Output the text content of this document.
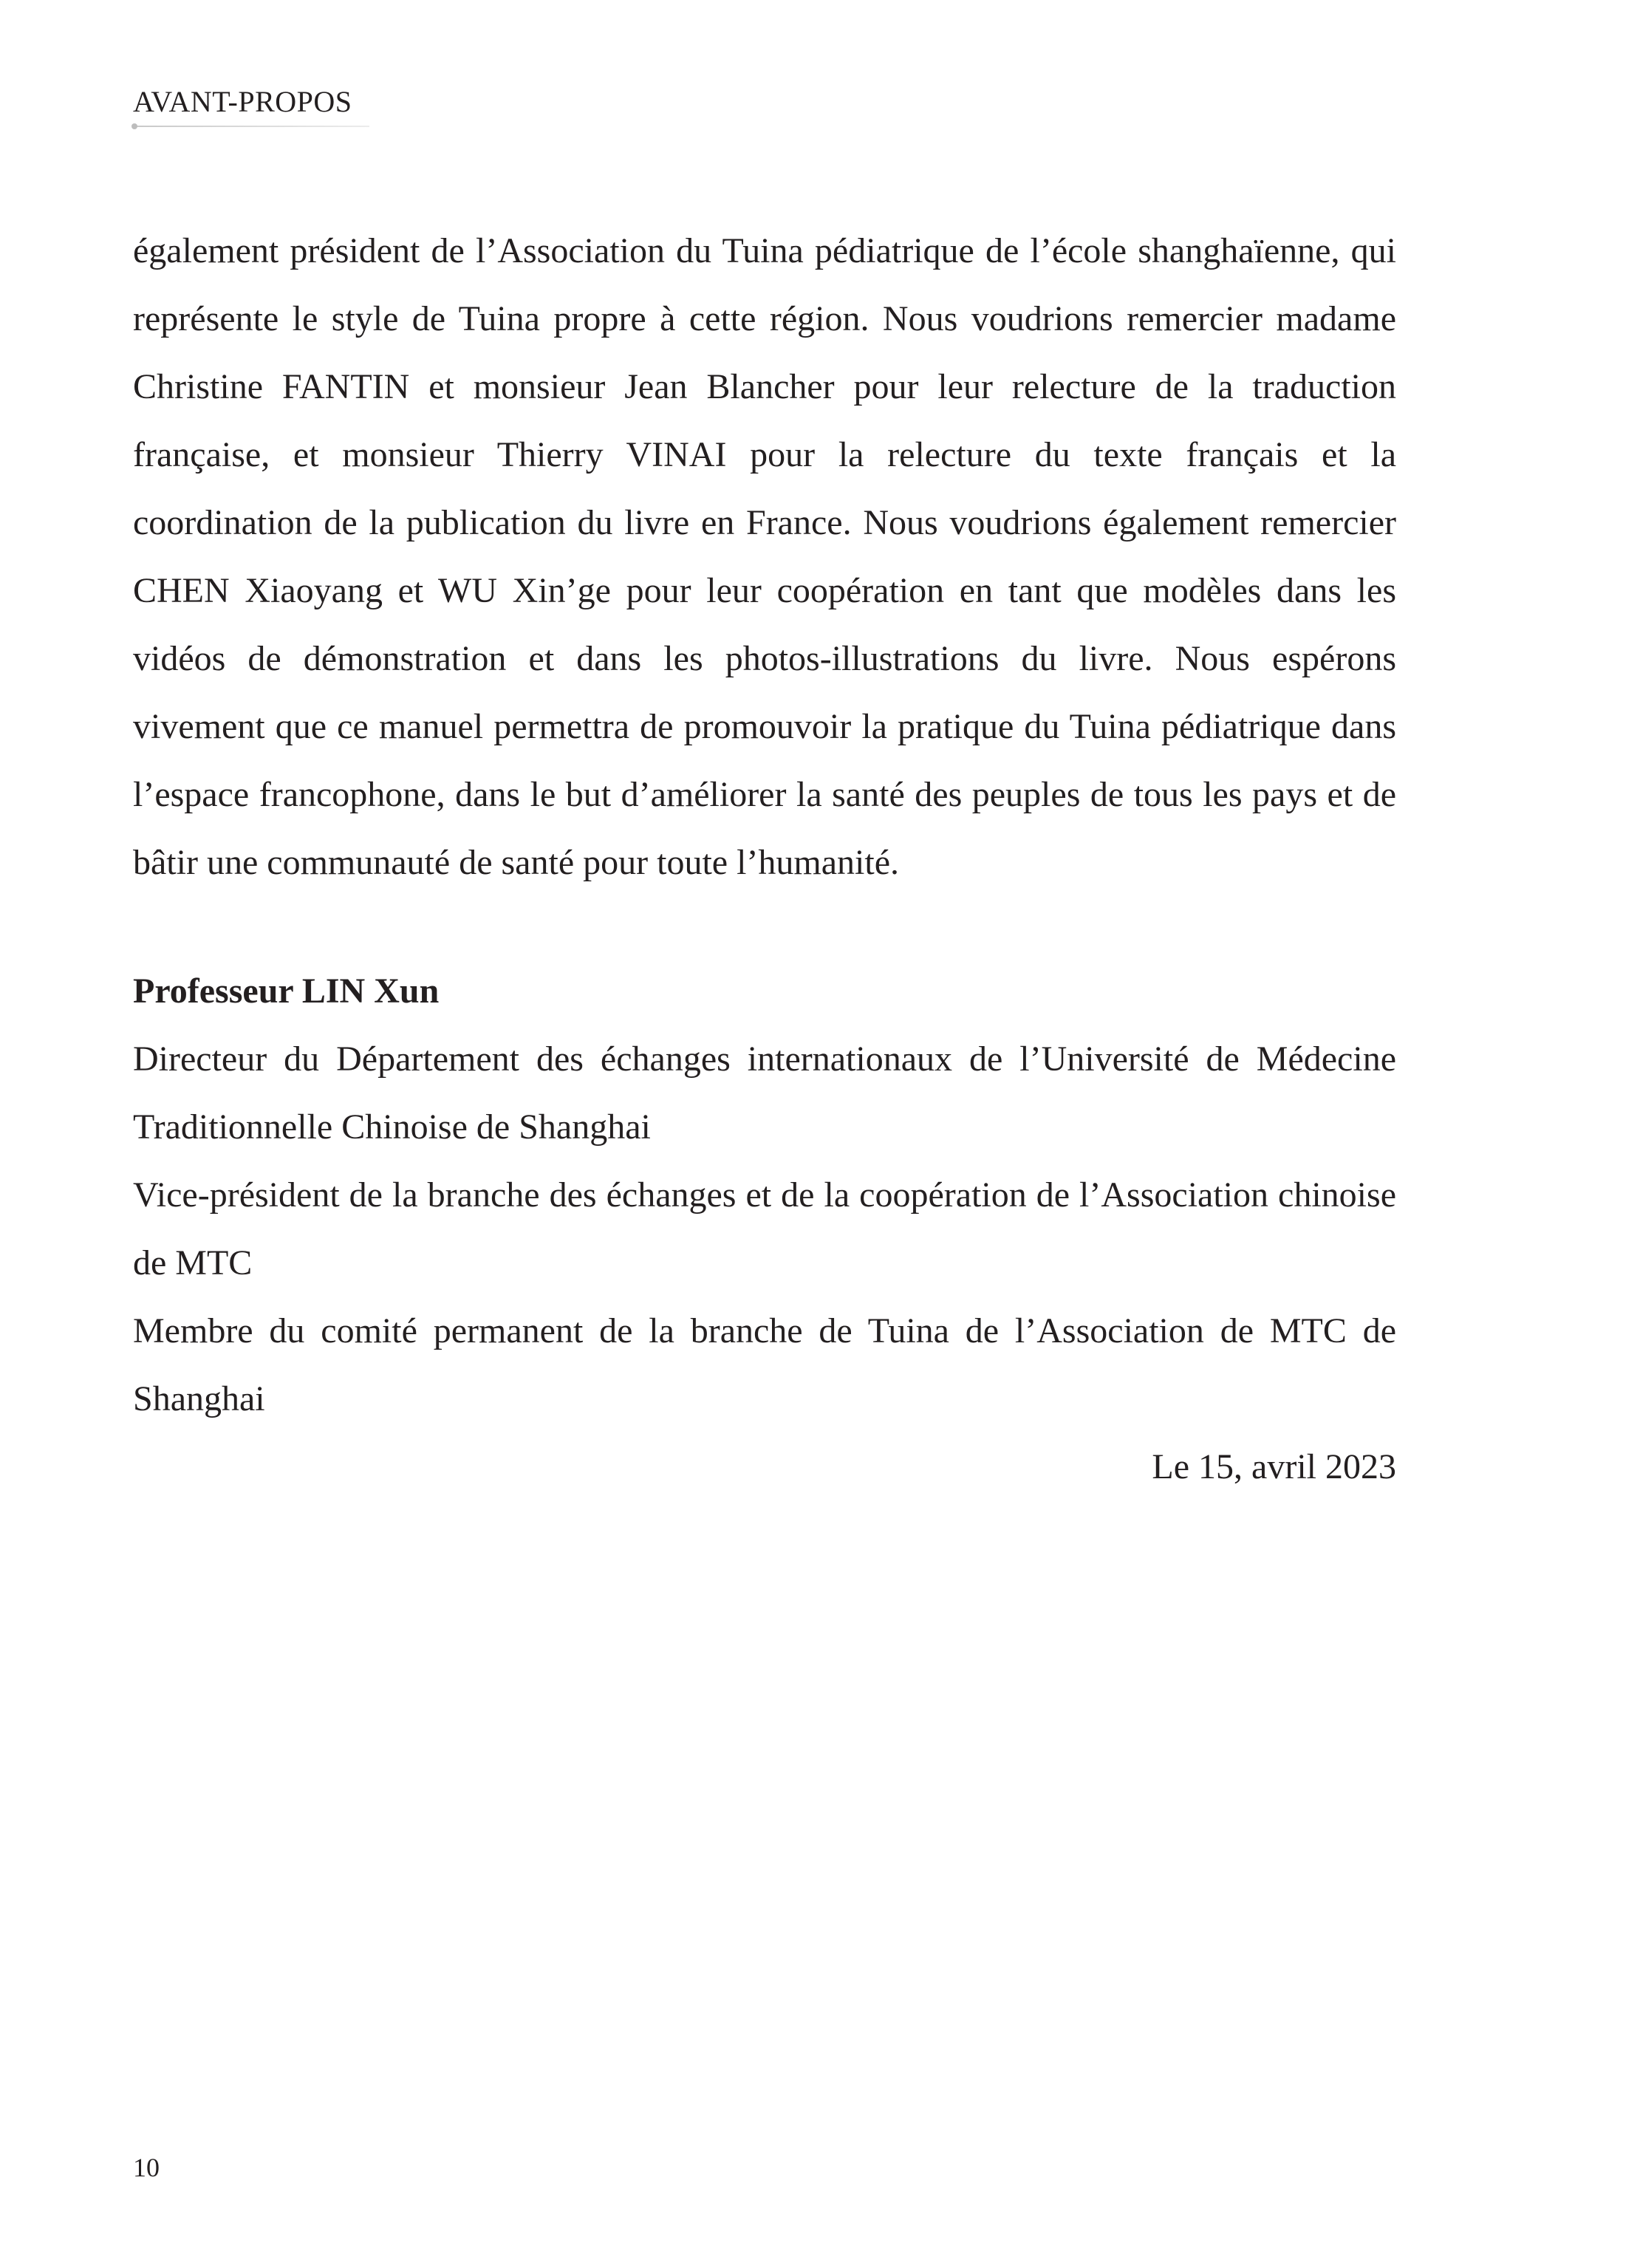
AVANT-PROPOS

également président de l’Association du Tuina pédiatrique de l’école shanghaïenne, qui représente le style de Tuina propre à cette région. Nous voudrions remercier madame Christine FANTIN et monsieur Jean Blancher pour leur relecture de la traduction française, et monsieur Thierry VINAI pour la relecture du texte français et la coordination de la publication du livre en France. Nous voudrions également remercier CHEN Xiaoyang et WU Xin’ge pour leur coopération en tant que modèles dans les vidéos de démonstration et dans les photos-illustrations du livre. Nous espérons vivement que ce manuel permettra de promouvoir la pratique du Tuina pédiatrique dans l’espace francophone, dans le but d’améliorer la santé des peuples de tous les pays et de bâtir une communauté de santé pour toute l’humanité.

Professeur LIN Xun

Directeur du Département des échanges internationaux de l’Université de Médecine Traditionnelle Chinoise de Shanghai

Vice-président de la branche des échanges et de la coopération de l’Association chinoise de MTC

Membre du comité permanent de la branche de Tuina de l’Association de MTC de Shanghai

Le 15, avril 2023

10
